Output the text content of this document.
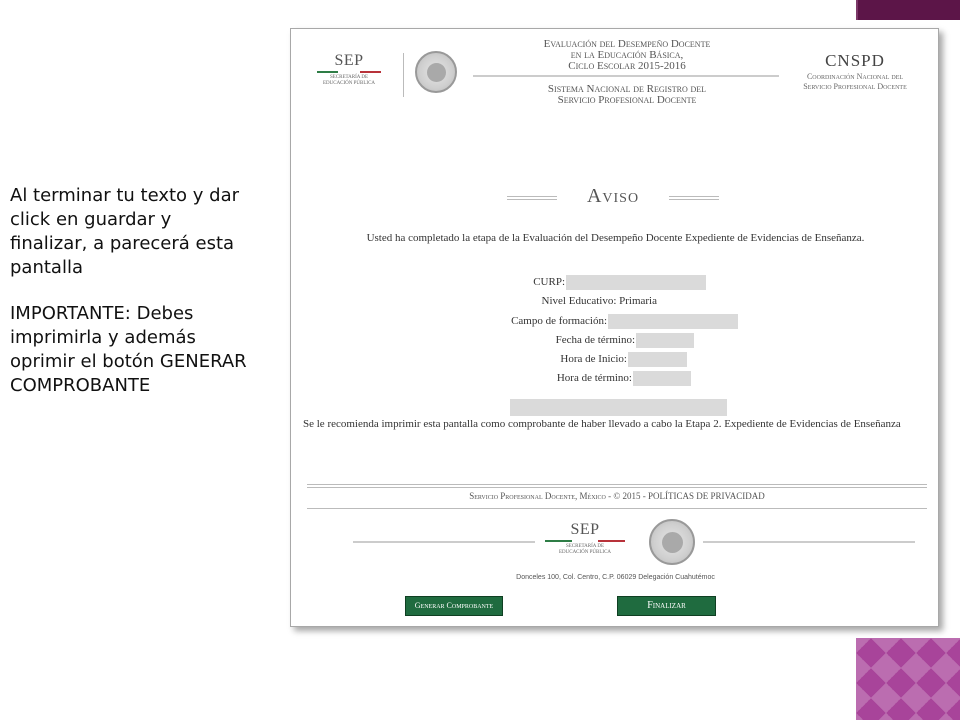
Al terminar tu texto y dar click en guardar y finalizar, a parecerá esta pantalla

IMPORTANTE: Debes imprimirla y además oprimir el botón GENERAR COMPROBANTE

SEP
SECRETARÍA DE
EDUCACIÓN PÚBLICA
Evaluación del Desempeño Docente
en la Educación Básica,
Ciclo Escolar 2015-2016
Sistema Nacional de Registro del
Servicio Profesional Docente
CNSPD
Coordinación Nacional del
Servicio Profesional Docente
Aviso
Usted ha completado la etapa de la Evaluación del Desempeño Docente Expediente de Evidencias de Enseñanza.
CURP:
Nivel Educativo: Primaria
Campo de formación:
Fecha de término:
Hora de Inicio:
Hora de término:
Se le recomienda imprimir esta pantalla como comprobante de haber llevado a cabo la Etapa 2. Expediente de Evidencias de Enseñanza
Servicio Profesional Docente, México - © 2015 - POLÍTICAS DE PRIVACIDAD
SEP
SECRETARÍA DE
EDUCACIÓN PÚBLICA
Donceles 100, Col. Centro, C.P. 06029 Delegación Cuahutémoc
Generar Comprobante	Finalizar
